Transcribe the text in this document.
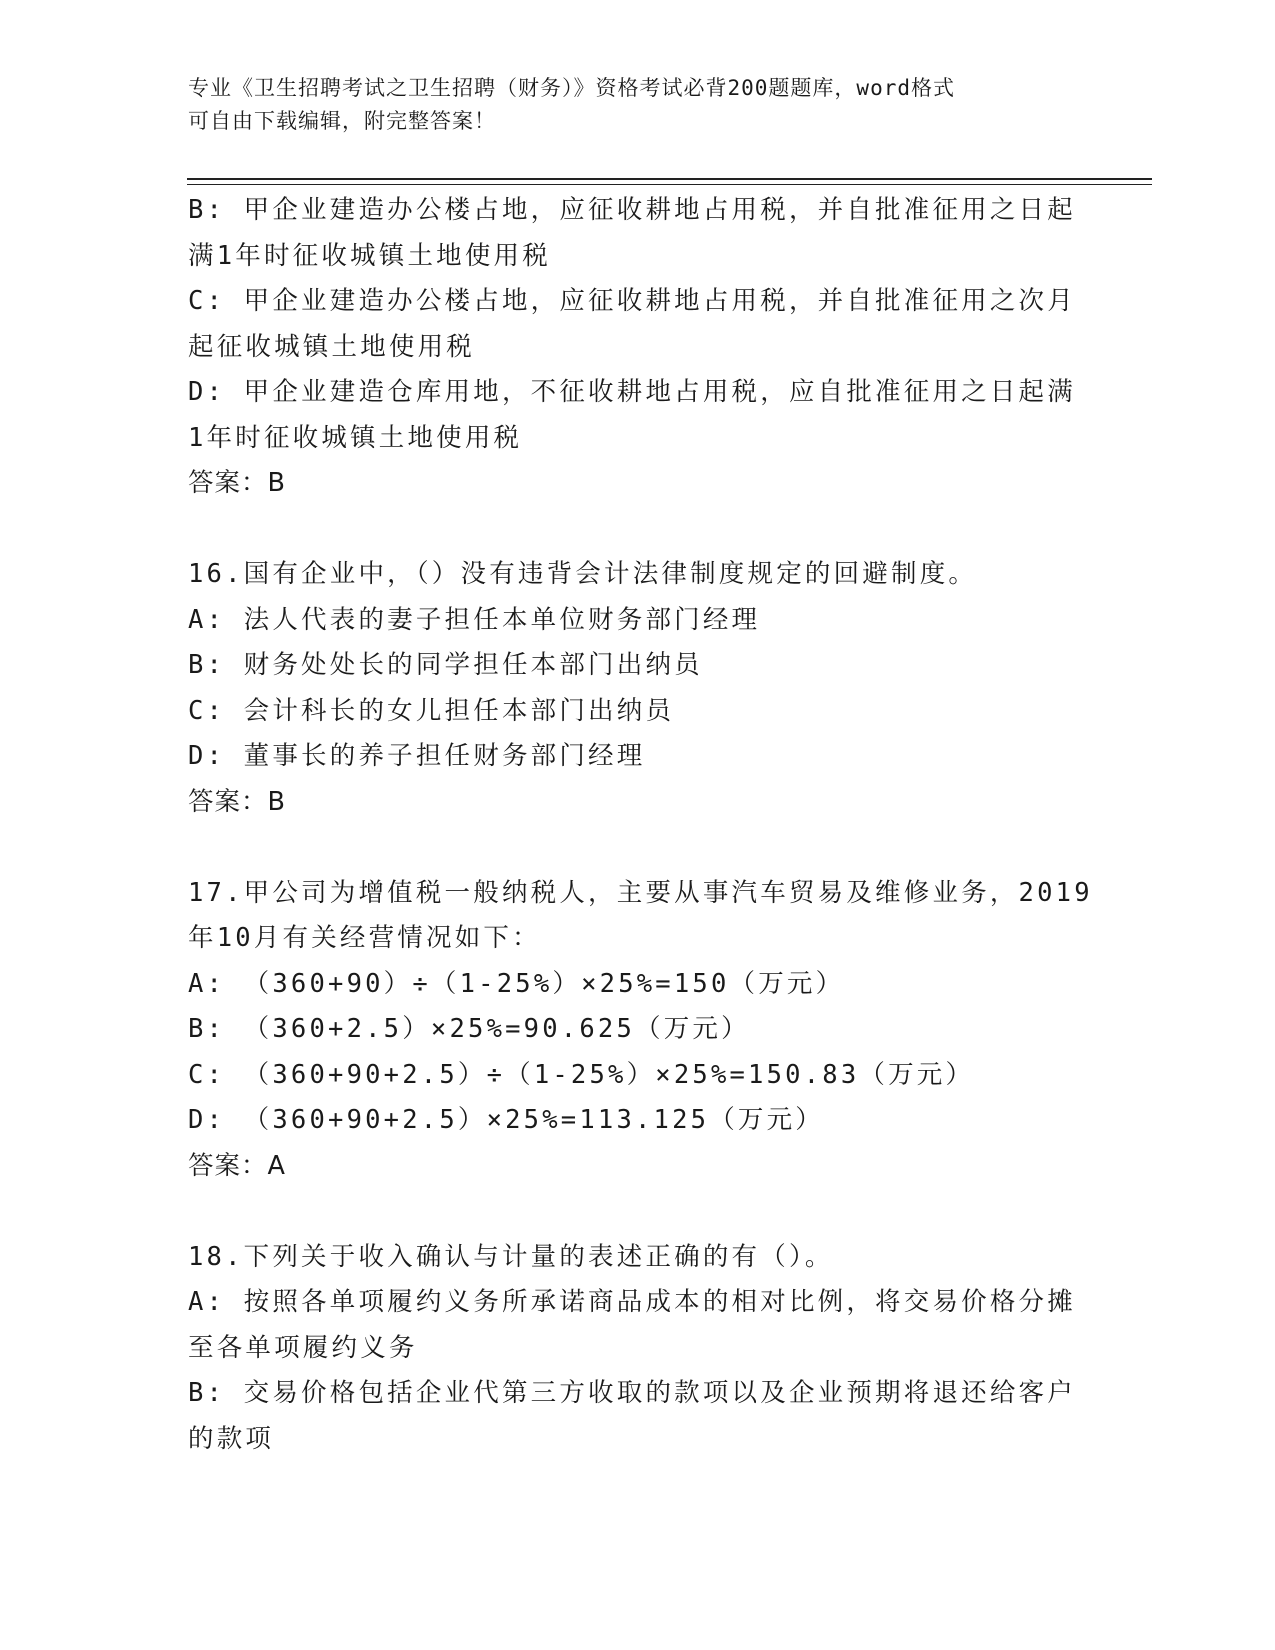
专业《卫生招聘考试之卫生招聘（财务）》资格考试必背200题题库，word格式
可自由下载编辑，附完整答案！
B: 甲企业建造办公楼占地，应征收耕地占用税，并自批准征用之日起
满1年时征收城镇土地使用税
C: 甲企业建造办公楼占地，应征收耕地占用税，并自批准征用之次月
起征收城镇土地使用税
D: 甲企业建造仓库用地，不征收耕地占用税，应自批准征用之日起满
1年时征收城镇土地使用税
答案：B
16.国有企业中，（）没有违背会计法律制度规定的回避制度。
A: 法人代表的妻子担任本单位财务部门经理
B: 财务处处长的同学担任本部门出纳员
C: 会计科长的女儿担任本部门出纳员
D: 董事长的养子担任财务部门经理
答案：B
17.甲公司为增值税一般纳税人，主要从事汽车贸易及维修业务，2019
年10月有关经营情况如下：
A: （360+90）÷（1-25%）×25%=150（万元）
B: （360+2.5）×25%=90.625（万元）
C: （360+90+2.5）÷（1-25%）×25%=150.83（万元）
D: （360+90+2.5）×25%=113.125（万元）
答案：A
18.下列关于收入确认与计量的表述正确的有（）。
A: 按照各单项履约义务所承诺商品成本的相对比例，将交易价格分摊
至各单项履约义务
B: 交易价格包括企业代第三方收取的款项以及企业预期将退还给客户
的款项
